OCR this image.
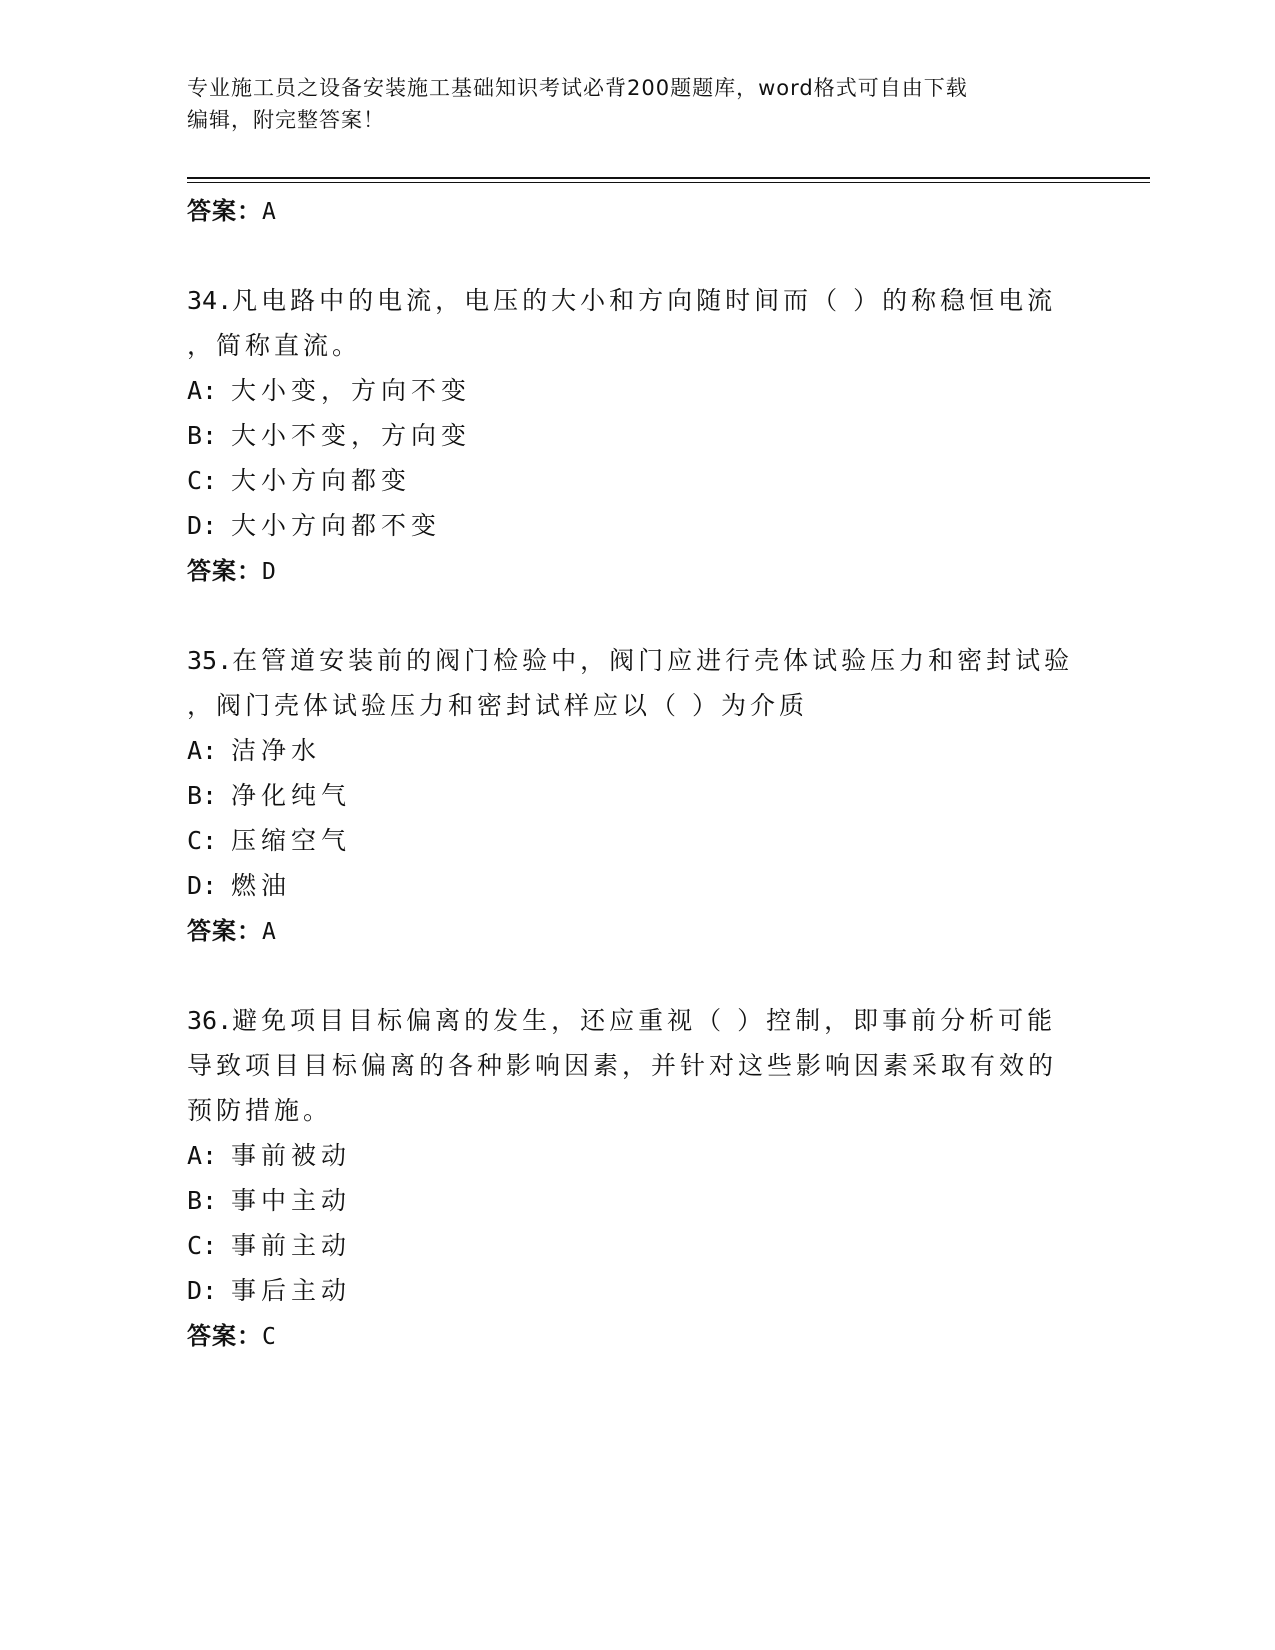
专业施工员之设备安装施工基础知识考试必背200题题库，word格式可自由下载
编辑，附完整答案！
答案：A
34.凡电路中的电流，电压的大小和方向随时间而（ ）的称稳恒电流
，简称直流。
A: 大小变，方向不变
B: 大小不变，方向变
C: 大小方向都变
D: 大小方向都不变
答案：D
35.在管道安装前的阀门检验中，阀门应进行壳体试验压力和密封试验
，阀门壳体试验压力和密封试样应以（ ）为介质
A: 洁净水
B: 净化纯气
C: 压缩空气
D: 燃油
答案：A
36.避免项目目标偏离的发生，还应重视（ ）控制，即事前分析可能
导致项目目标偏离的各种影响因素，并针对这些影响因素采取有效的
预防措施。
A: 事前被动
B: 事中主动
C: 事前主动
D: 事后主动
答案：C
